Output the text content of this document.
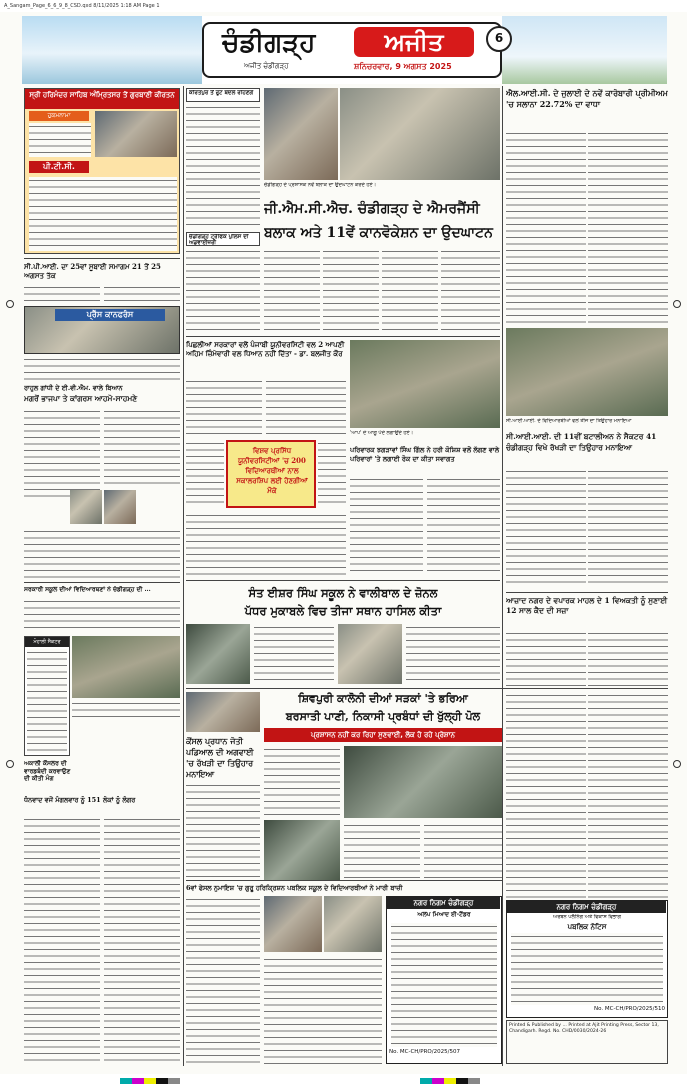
A_Sangam_Page_6_6_9_8_CSD.qxd 8/11/2025 1:18 AM Page 1
ਚੰਡੀਗੜ੍ਹ	ਅਜੀਤ
ਅਜੀਤ ਚੰਡੀਗੜ੍ਹ	ਸ਼ਨਿਚਰਵਾਰ, 9 ਅਗਸਤ 2025
6
ਸ੍ਰੀ ਹਰਿਮੰਦਰ ਸਾਹਿਬ ਅੰਮ੍ਰਿਤਸਰ ਤੋਂ ਗੁਰਬਾਣੀ ਕੀਰਤਨ
ਹੁਕਮਨਾਮਾ
ਪੀ.ਟੀ.ਸੀ.
ਸੀ.ਪੀ.ਆਈ. ਦਾ 25ਵਾਂ ਸੂਬਾਈ ਸਮਾਗਮ 21 ਤੋਂ 25 ਅਗਸਤ ਤੱਕ
ਪ੍ਰੈੱਸ ਕਾਨਫਰੰਸ
ਰਾਹੁਲ ਗਾਂਧੀ ਦੇ ਈ.ਵੀ.ਐਮ. ਵਾਲੇ ਬਿਆਨ
ਮਗਰੋਂ ਭਾਜਪਾ ਤੇ ਕਾਂਗਰਸ ਆਹਮੋ-ਸਾਹਮਣੇ
ਸਰਕਾਰੀ ਸਕੂਲ ਦੀਆਂ ਵਿਦਿਆਰਥਣਾਂ ਨੇ ਚੰਡੀਗੜ੍ਹ ਦੀ ...
ਮੋਹਾਲੀ ਸੈਕਟਰ
ਅਕਾਲੀ ਕੌਂਸਲਰ ਦੀ ਵਾਰਡਬੰਦੀ ਕਰਵਾਉਣ ਦੀ ਕੀਤੀ ਮੰਗ
ਧੰਨਵਾਦ ਵਜੋਂ ਮੰਗਲਵਾਰ ਨੂੰ 151 ਲੋਕਾਂ ਨੂੰ ਲੰਗਰ
ਕੀਰਤਪੁਰ ਤੋਂ ਰੂਟ ਬਦਲੇ ਰਹਿਣਗੇ
ਚੰਡੀਗੜ੍ਹ ਟ੍ਰੈਫਿਕ ਪੁਲਿਸ ਦੀ ਅਡਵਾਈਜ਼ਰੀ
ਚੰਡੀਗੜ੍ਹ ਦੇ ਪ੍ਰਸ਼ਾਸਕ ਨਵੇਂ ਬਲਾਕ ਦਾ ਉਦਘਾਟਨ ਕਰਦੇ ਹੋਏ।
ਜੀ.ਐਮ.ਸੀ.ਐਚ. ਚੰਡੀਗੜ੍ਹ ਦੇ ਐਮਰਜੈਂਸੀ
ਬਲਾਕ ਅਤੇ 11ਵੇਂ ਕਾਨਵੋਕੇਸ਼ਨ ਦਾ ਉਦਘਾਟਨ
ਪਿਛਲੀਆਂ ਸਰਕਾਰਾਂ ਵਲੋਂ ਪੰਜਾਬੀ ਯੂਨੀਵਰਸਿਟੀ ਵਲ 2 ਆਪਣੀ ਅਹਿਮ ਜ਼ਿੰਮੇਵਾਰੀ ਵਲ ਧਿਆਨ ਨਹੀਂ ਦਿੱਤਾ - ਡਾ. ਬਲਜੀਤ ਕੌਰ
ਵਿਸ਼ਵ ਪ੍ਰਸਿੱਧ ਯੂਨੀਵਰਸਿਟੀਆਂ 'ਚ 200 ਵਿਦਿਆਰਥੀਆਂ ਨਾਲ ਸਕਾਲਰਸ਼ਿਪ ਲਈ ਹੋਣਗੀਆਂ ਮੌਕੇ
'ਆਪ' ਦੇ ਆਗੂ ਪੌਦੇ ਲਗਾਉਂਦੇ ਹੋਏ।
ਪਰਿਵਾਰਕ ਝਗੜਾਵਾਂ ਸਿੰਘ ਗਿੱਲ ਨੇ ਹਰੀ ਕੋਸ਼ਿਸ਼ ਵਲੋਂ ਲੱਗਣ ਵਾਲੇ ਪਰਿਵਾਰਾਂ 'ਤੇ ਲਗਾਈ ਰੋਕ ਦਾ ਕੀਤਾ ਸਵਾਗਤ
ਸੰਤ ਈਸ਼ਰ ਸਿੰਘ ਸਕੂਲ ਨੇ ਵਾਲੀਬਾਲ ਦੇ ਜ਼ੋਨਲ
ਪੱਧਰ ਮੁਕਾਬਲੇ ਵਿਚ ਤੀਜਾ ਸਥਾਨ ਹਾਸਿਲ ਕੀਤਾ
ਸ਼ਿਵਪੁਰੀ ਕਾਲੋਨੀ ਦੀਆਂ ਸੜਕਾਂ 'ਤੇ ਭਰਿਆ
ਬਰਸਾਤੀ ਪਾਣੀ, ਨਿਕਾਸੀ ਪ੍ਰਬੰਧਾਂ ਦੀ ਖੁੱਲ੍ਹੀ ਪੋਲ
ਪ੍ਰਸ਼ਾਸਨ ਨਹੀਂ ਕਰ ਰਿਹਾ ਸੁਣਵਾਈ, ਲੋਕ ਹੋ ਰਹੇ ਪ੍ਰੇਸ਼ਾਨ
ਕੌਂਸਲ ਪ੍ਰਧਾਨ ਜੋਤੀ ਪਡਿਆਲ ਦੀ ਅਗਵਾਈ 'ਚ ਰੱਖੜੀ ਦਾ ਤਿਉਹਾਰ ਮਨਾਇਆ
6ਵਾਂ ਫੇਸਲ ਨੁਮਾਇਸ਼ 'ਚ ਗੁਰੂ ਹਰਿਕ੍ਰਿਸ਼ਨ ਪਬਲਿਕ ਸਕੂਲ ਦੇ ਵਿਦਿਆਰਥੀਆਂ ਨੇ ਮਾਰੀ ਬਾਜ਼ੀ
ਨਗਰ ਨਿਗਮ ਚੰਡੀਗੜ੍ਹ
ਅਲਪ ਮਿਆਦ ਈ-ਟੈਂਡਰ
No. MC-CH/PRO/2025/507
ਐਲ.ਆਈ.ਸੀ. ਦੇ ਜੁਲਾਈ ਦੇ ਨਵੇਂ ਕਾਰੋਬਾਰੀ ਪ੍ਰੀਮੀਅਮ 'ਚ ਸਲਾਨਾ 22.72% ਦਾ ਵਾਧਾ
ਸੀ.ਆਈ.ਆਈ. ਦੇ ਵਿਦਿਆਰਥੀਆਂ ਵਲੋਂ ਤੀਜ ਦਾ ਤਿਉਹਾਰ ਮਨਾਇਆ
ਸੀ.ਆਈ.ਆਈ. ਦੀ 11ਵੀਂ ਬਟਾਲੀਅਨ ਨੇ ਸੈਕਟਰ 41 ਚੰਡੀਗੜ੍ਹ ਵਿਖੇ ਰੱਖੜੀ ਦਾ ਤਿਉਹਾਰ ਮਨਾਇਆ
ਆਜ਼ਾਦ ਨਗਰ ਦੇ ਵਪਾਰਕ ਮਾਹਲ ਦੇ 1 ਵਿਅਕਤੀ ਨੂੰ ਸੁਣਾਈ 12 ਸਾਲ ਕੈਦ ਦੀ ਸਜ਼ਾ
ਨਗਰ ਨਿਗਮ ਚੰਡੀਗੜ੍ਹ
ਅਰਬਨ ਪਲੈਨਿੰਗ ਅਤੇ ਵਿਕਾਸ ਵਿਭਾਗ
ਪਬਲਿਕ ਨੋਟਿਸ
No. MC-CH/PRO/2025/510
Printed & Published by ... Printed at Ajit Printing Press, Sector 13, Chandigarh. Regd. No. CHD/0030/2024-26
